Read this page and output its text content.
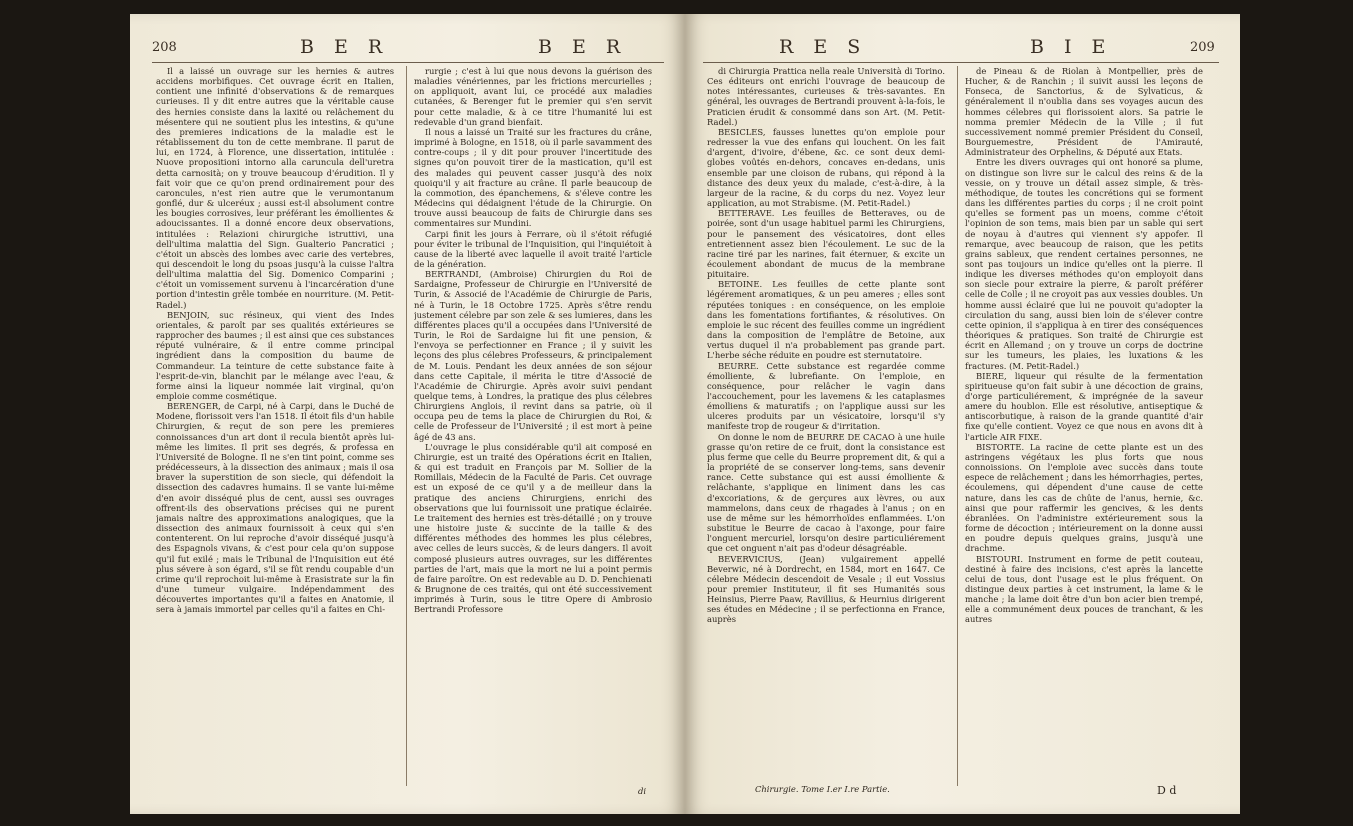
208	B E R	B E R

Il a laissé un ouvrage sur les hernies & autres accidens morbifiques. Cet ouvrage écrit en Italien, contient une infinité d'observations & de remarques curieuses. Il y dit entre autres que la véritable cause des hernies consiste dans la laxité ou relâchement du mésentere qui ne soutient plus les intestins, & qu'une des premieres indications de la maladie est le rétablissement du ton de cette membrane. Il parut de lui, en 1724, à Florence, une dissertation, intitulée : Nuove propositioni intorno alla caruncula dell'uretra detta carnosità; on y trouve beaucoup d'érudition. Il y fait voir que ce qu'on prend ordinairement pour des caroncules, n'est rien autre que le verumontanum gonflé, dur & ulceréux ; aussi est-il absolument contre les bougies corrosives, leur préférant les émollientes & adoucissantes. Il a donné encore deux observations, intitulées : Relazioni chirurgiche istruttivi, una dell'ultima malattia del Sign. Gualterio Pancratici ; c'étoit un abscès des lombes avec carie des vertebres, qui descendoit le long du psoas jusqu'à la cuisse l'altra dell'ultima malattia del Sig. Domenico Comparini ; c'étoit un vomissement survenu à l'incarcération d'une portion d'intestin grêle tombée en nourriture. (M. Petit-Radel.)

BENJOIN, suc résineux, qui vient des Indes orientales, & paroît par ses qualités extérieures se rapprocher des baumes ; il est ainsi que ces substances réputé vulnéraire, & il entre comme principal ingrédient dans la composition du baume de Commandeur. La teinture de cette substance faite à l'esprit-de-vin, blanchit par le mélange avec l'eau, & forme ainsi la liqueur nommée lait virginal, qu'on emploie comme cosmétique.

BERENGER, de Carpi, né à Carpi, dans le Duché de Modene, florissoit vers l'an 1518. Il étoit fils d'un habile Chirurgien, & reçut de son pere les premieres connoissances d'un art dont il recula bientôt après lui-même les limites. Il prit ses degrés, & professa en l'Université de Bologne. Il ne s'en tint point, comme ses prédécesseurs, à la dissection des animaux ; mais il osa braver la superstition de son siecle, qui défendoit la dissection des cadavres humains. Il se vante lui-même d'en avoir disséqué plus de cent, aussi ses ouvrages offrent-ils des observations précises qui ne purent jamais naître des approximations analogiques, que la dissection des animaux fournissoit à ceux qui s'en contenterent. On lui reproche d'avoir disséqué jusqu'à des Espagnols vivans, & c'est pour cela qu'on suppose qu'il fut exilé ; mais le Tribunal de l'Inquisition eut été plus sévere à son égard, s'il se fût rendu coupable d'un crime qu'il reprochoit lui-même à Erasistrate sur la fin d'une tumeur vulgaire. Indépendamment des découvertes importantes qu'il a faites en Anatomie, il sera à jamais immortel par celles qu'il a faites en Chi-

rurgie ; c'est à lui que nous devons la guérison des maladies vénériennes, par les frictions mercurielles ; on appliquoit, avant lui, ce procédé aux maladies cutanées, & Berenger fut le premier qui s'en servit pour cette maladie, & à ce titre l'humanité lui est redevable d'un grand bienfait.

Il nous a laissé un Traité sur les fractures du crâne, imprimé à Bologne, en 1518, où il parle savamment des contre-coups ; il y dit pour prouver l'incertitude des signes qu'on pouvoit tirer de la mastication, qu'il est des malades qui peuvent casser jusqu'à des noix quoiqu'il y ait fracture au crâne. Il parle beaucoup de la commotion, des épanchemens, & s'éleve contre les Médecins qui dédaignent l'étude de la Chirurgie. On trouve aussi beaucoup de faits de Chirurgie dans ses commentaires sur Mundini.

Carpi finit les jours à Ferrare, où il s'étoit réfugié pour éviter le tribunal de l'Inquisition, qui l'inquiétoit à cause de la liberté avec laquelle il avoit traité l'article de la génération.

BERTRANDI, (Ambroise) Chirurgien du Roi de Sardaigne, Professeur de Chirurgie en l'Université de Turin, & Associé de l'Académie de Chirurgie de Paris, né à Turin, le 18 Octobre 1725. Après s'être rendu justement célebre par son zele & ses lumieres, dans les différentes places qu'il a occupées dans l'Université de Turin, le Roi de Sardaigne lui fit une pension, & l'envoya se perfectionner en France ; il y suivit les leçons des plus célebres Professeurs, & principalement de M. Louis. Pendant les deux années de son séjour dans cette Capitale, il mérita le titre d'Associé de l'Académie de Chirurgie. Après avoir suivi pendant quelque tems, à Londres, la pratique des plus célebres Chirurgiens Anglois, il revint dans sa patrie, où il occupa peu de tems la place de Chirurgien du Roi, & celle de Professeur de l'Université ; il est mort à peine âgé de 43 ans.

L'ouvrage le plus considérable qu'il ait composé en Chirurgie, est un traité des Opérations écrit en Italien, & qui est traduit en François par M. Sollier de la Romillais, Médecin de la Faculté de Paris. Cet ouvrage est un exposé de ce qu'il y a de meilleur dans la pratique des anciens Chirurgiens, enrichi des observations que lui fournissoit une pratique éclairée. Le traitement des hernies est très-détaillé ; on y trouve une histoire juste & succinte de la taille & des différentes méthodes des hommes les plus célebres, avec celles de leurs succès, & de leurs dangers. Il avoit composé plusieurs autres ouvrages, sur les différentes parties de l'art, mais que la mort ne lui a point permis de faire paroître. On est redevable au D. D. Penchienati & Brugnone de ces traités, qui ont été successivement imprimés à Turin, sous le titre Opere di Ambrosio Bertrandi Professore

di
R E S	B I E	209

di Chirurgia Prattica nella reale Università di Torino. Ces éditeurs ont enrichi l'ouvrage de beaucoup de notes intéressantes, curieuses & très-savantes. En général, les ouvrages de Bertrandi prouvent à-la-fois, le Praticien érudit & consommé dans son Art. (M. Petit-Radel.)

BESICLES, fausses lunettes qu'on emploie pour redresser la vue des enfans qui louchent. On les fait d'argent, d'ivoire, d'ébene, &c. ce sont deux demi-globes voûtés en-dehors, concaves en-dedans, unis ensemble par une cloison de rubans, qui répond à la distance des deux yeux du malade, c'est-à-dire, à la largeur de la racine, & du corps du nez. Voyez leur application, au mot Strabisme. (M. Petit-Radel.)

BETTERAVE. Les feuilles de Betteraves, ou de poirée, sont d'un usage habituel parmi les Chirurgiens, pour le pansement des vésicatoires, dont elles entretiennent assez bien l'écoulement. Le suc de la racine tiré par les narines, fait éternuer, & excite un écoulement abondant de mucus de la membrane pituitaire.

BETOINE. Les feuilles de cette plante sont légérement aromatiques, & un peu ameres ; elles sont réputées toniques : en conséquence, on les emploie dans les fomentations fortifiantes, & résolutives. On emploie le suc récent des feuilles comme un ingrédient dans la composition de l'emplâtre de Betoine, aux vertus duquel il n'a probablement pas grande part. L'herbe séche réduite en poudre est sternutatoire.

BEURRE. Cette substance est regardée comme émolliente, & lubrefiante. On l'emploie, en conséquence, pour relâcher le vagin dans l'accouchement, pour les lavemens & les cataplasmes émolliens & maturatifs ; on l'applique aussi sur les ulceres produits par un vésicatoire, lorsqu'il s'y manifeste trop de rougeur & d'irritation.

On donne le nom de BEURRE DE CACAO à une huile grasse qu'on retire de ce fruit, dont la consistance est plus ferme que celle du Beurre proprement dit, & qui a la propriété de se conserver long-tems, sans devenir rance. Cette substance qui est aussi émolliente & relâchante, s'applique en liniment dans les cas d'excoriations, & de gerçures aux lèvres, ou aux mammelons, dans ceux de rhagades à l'anus ; on en use de même sur les hémorrhoïdes enflammées. L'on substitue le Beurre de cacao à l'axonge, pour faire l'onguent mercuriel, lorsqu'on desire particuliérement que cet onguent n'ait pas d'odeur désagréable.

BEVERVICIUS, (Jean) vulgairement appellé Beverwic, né à Dordrecht, en 1584, mort en 1647. Ce célebre Médecin descendoit de Vesale ; il eut Vossius pour premier Instituteur, il fit ses Humanités sous Heinsius, Pierre Paaw, Ravillius, & Heurnius dirigerent ses études en Médecine ; il se perfectionna en France, auprès

Chirurgie. Tome I.er I.re Partie.

de Pineau & de Riolan à Montpellier, près de Hucher, & de Ranchin ; il suivit aussi les leçons de Fonseca, de Sanctorius, & de Sylvaticus, & généralement il n'oublia dans ses voyages aucun des hommes célebres qui florissoient alors. Sa patrie le nomma premier Médecin de la Ville ; il fut successivement nommé premier Président du Conseil, Bourguemestre, Président de l'Amirauté, Administrateur des Orphelins, & Député aux Etats.

Entre les divers ouvrages qui ont honoré sa plume, on distingue son livre sur le calcul des reins & de la vessie, on y trouve un détail assez simple, & très-méthodique, de toutes les concrétions qui se forment dans les différentes parties du corps ; il ne croit point qu'elles se forment pas un moens, comme c'étoit l'opinion de son tems, mais bien par un sable qui sert de noyau à d'autres qui viennent s'y appofer. Il remarque, avec beaucoup de raison, que les petits grains sableux, que rendent certaines personnes, ne sont pas toujours un indice qu'elles ont la pierre. Il indique les diverses méthodes qu'on employoit dans son siecle pour extraire la pierre, & paroît préférer celle de Colle ; il ne croyoit pas aux vessies doubles. Un homme aussi éclairé que lui ne pouvoit qu'adopter la circulation du sang, aussi bien loin de s'élever contre cette opinion, il s'appliqua à en tirer des conséquences théoriques & pratiques. Son traité de Chirurgie est écrit en Allemand ; on y trouve un corps de doctrine sur les tumeurs, les plaies, les luxations & les fractures. (M. Petit-Radel.)

BIERE, liqueur qui résulte de la fermentation spiritueuse qu'on fait subir à une décoction de grains, d'orge particuliérement, & imprégnée de la saveur amere du houblon. Elle est résolutive, antiseptique & antiscorbutique, à raison de la grande quantité d'air fixe qu'elle contient. Voyez ce que nous en avons dit à l'article AIR FIXE.

BISTORTE. La racine de cette plante est un des astringens végétaux les plus forts que nous connoissions. On l'emploie avec succès dans toute espece de relâchement ; dans les hémorrhagies, pertes, écoulemens, qui dépendent d'une cause de cette nature, dans les cas de chûte de l'anus, hernie, &c. ainsi que pour raffermir les gencives, & les dents ébranlées. On l'administre extérieurement sous la forme de décoction ; intérieurement on la donne aussi en poudre depuis quelques grains, jusqu'à une drachme.

BISTOURI. Instrument en forme de petit couteau, destiné à faire des incisions, c'est après la lancette celui de tous, dont l'usage est le plus fréquent. On distingue deux parties à cet instrument, la lame & le manche ; la lame doit être d'un bon acier bien trempé, elle a communément deux pouces de tranchant, & les autres

D d
